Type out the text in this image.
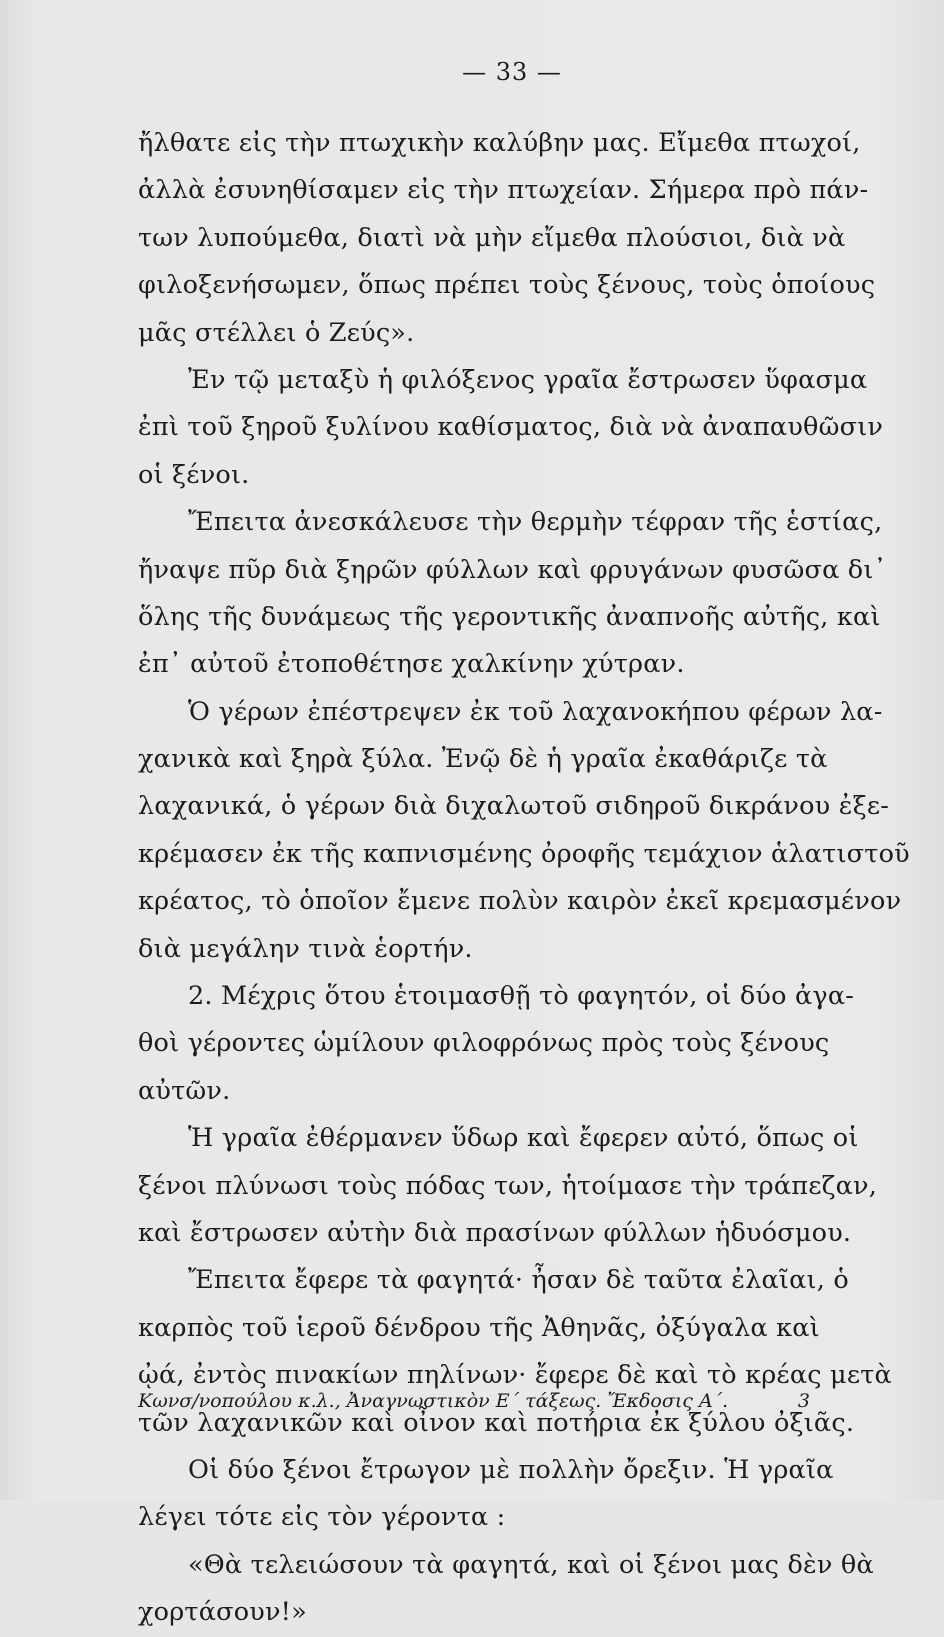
— 33 —
ἤλθατε εἰς τὴν πτωχικὴν καλύβην μας. Εἴμεθα πτωχοί,
ἀλλὰ ἐσυνηθίσαμεν εἰς τὴν πτωχείαν. Σήμερα πρὸ πάν-
των λυπούμεθα, διατὶ νὰ μὴν εἴμεθα πλούσιοι, διὰ νὰ
φιλοξενήσωμεν, ὅπως πρέπει τοὺς ξένους, τοὺς ὁποίους
μᾶς στέλλει ὁ Ζεύς».
Ἐν τῷ μεταξὺ ἡ φιλόξενος γραῖα ἔστρωσεν ὕφασμα
ἐπὶ τοῦ ξηροῦ ξυλίνου καθίσματος, διὰ νὰ ἀναπαυθῶσιν
οἱ ξένοι.
Ἔπειτα ἀνεσκάλευσε τὴν θερμὴν τέφραν τῆς ἑστίας,
ἤναψε πῦρ διὰ ξηρῶν φύλλων καὶ φρυγάνων φυσῶσα δι᾽
ὅλης τῆς δυνάμεως τῆς γεροντικῆς ἀναπνοῆς αὐτῆς, καὶ
ἐπ᾽ αὐτοῦ ἐτοποθέτησε χαλκίνην χύτραν.
Ὁ γέρων ἐπέστρεψεν ἐκ τοῦ λαχανοκήπου φέρων λα-
χανικὰ καὶ ξηρὰ ξύλα. Ἐνῷ δὲ ἡ γραῖα ἐκαθάριζε τὰ
λαχανικά, ὁ γέρων διὰ διχαλωτοῦ σιδηροῦ δικράνου ἐξε-
κρέμασεν ἐκ τῆς καπνισμένης ὀροφῆς τεμάχιον ἁλατιστοῦ
κρέατος, τὸ ὁποῖον ἔμενε πολὺν καιρὸν ἐκεῖ κρεμασμένον
διὰ μεγάλην τινὰ ἑορτήν.
2. Μέχρις ὅτου ἑτοιμασθῇ τὸ φαγητόν, οἱ δύο ἀγα-
θοὶ γέροντες ὡμίλουν φιλοφρόνως πρὸς τοὺς ξένους
αὐτῶν.
Ἡ γραῖα ἐθέρμανεν ὕδωρ καὶ ἔφερεν αὐτό, ὅπως οἱ
ξένοι πλύνωσι τοὺς πόδας των, ἡτοίμασε τὴν τράπεζαν,
καὶ ἔστρωσεν αὐτὴν διὰ πρασίνων φύλλων ἡδυόσμου.
Ἔπειτα ἔφερε τὰ φαγητά· ἦσαν δὲ ταῦτα ἐλαῖαι, ὁ
καρπὸς τοῦ ἱεροῦ δένδρου τῆς Ἀθηνᾶς, ὀξύγαλα καὶ
ᾠά, ἐντὸς πινακίων πηλίνων· ἔφερε δὲ καὶ τὸ κρέας μετὰ
τῶν λαχανικῶν καὶ οἶνον καὶ ποτήρια ἐκ ξύλου ὀξιᾶς.
Οἱ δύο ξένοι ἔτρωγον μὲ πολλὴν ὄρεξιν. Ἡ γραῖα
λέγει τότε εἰς τὸν γέροντα :
«Θὰ τελειώσουν τὰ φαγητά, καὶ οἱ ξένοι μας δὲν θὰ
χορτάσουν!»
Κωνσ/νοπούλου κ.λ., Ἀναγνωστικὸν Ε΄ τάξεως. Ἔκδοσις Α΄.	3
